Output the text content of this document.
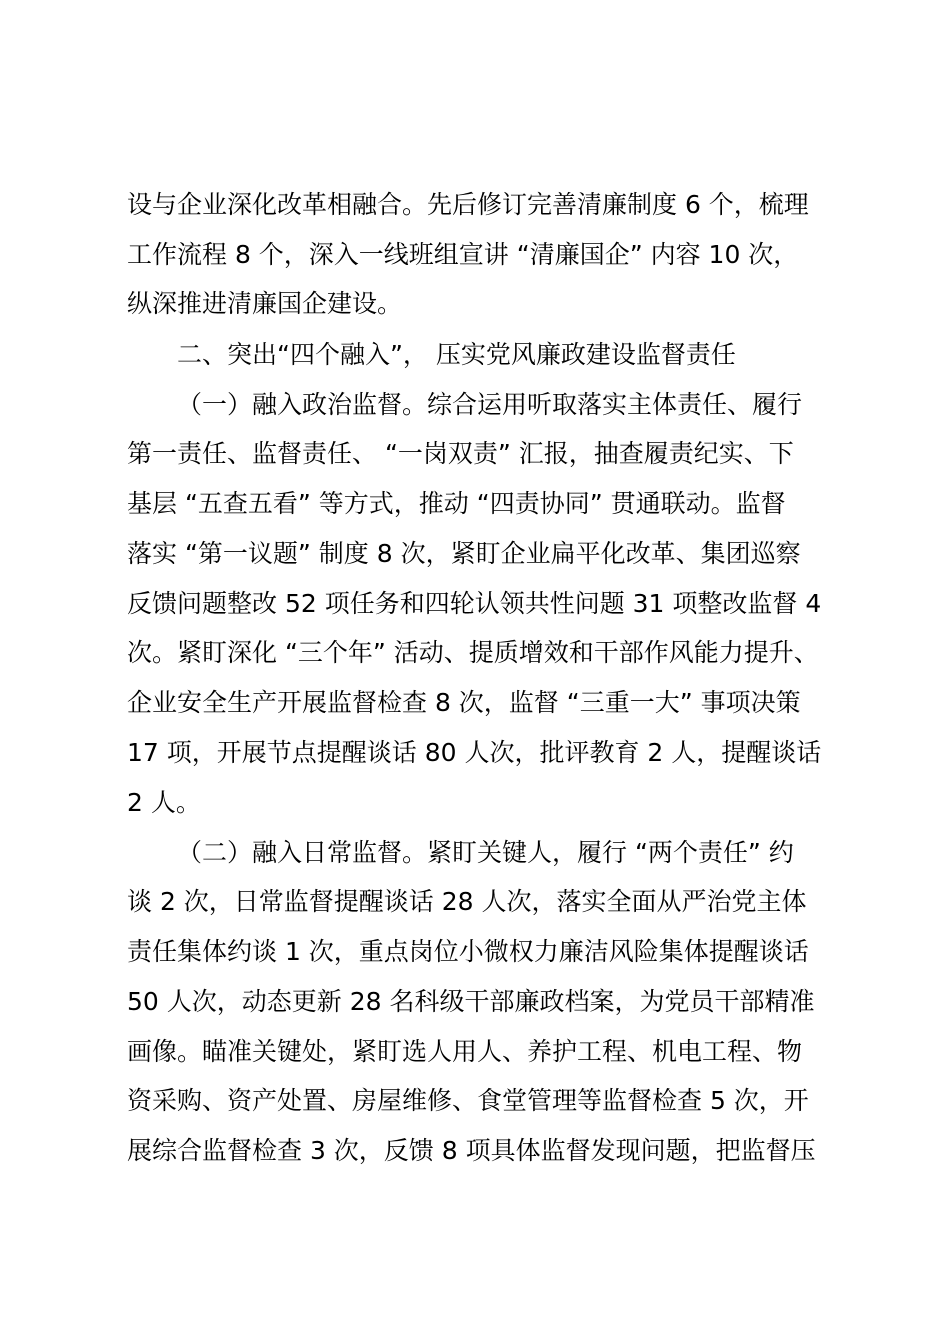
设与企业深化改革相融合。先后修订完善清廉制度 6 个，梳理
工作流程 8 个，深入一线班组宣讲 “清廉国企” 内容 10 次，
纵深推进清廉国企建设。
二、突出“四个融入”， 压实党风廉政建设监督责任
（一）融入政治监督。综合运用听取落实主体责任、履行
第一责任、监督责任、 “一岗双责” 汇报，抽查履责纪实、下
基层 “五查五看” 等方式，推动 “四责协同” 贯通联动。监督
落实 “第一议题” 制度 8 次，紧盯企业扁平化改革、集团巡察
反馈问题整改 52 项任务和四轮认领共性问题 31 项整改监督 4
次。紧盯深化 “三个年” 活动、提质增效和干部作风能力提升、
企业安全生产开展监督检查 8 次，监督 “三重一大” 事项决策
17 项，开展节点提醒谈话 80 人次，批评教育 2 人，提醒谈话
2 人。
（二）融入日常监督。紧盯关键人，履行 “两个责任” 约
谈 2 次，日常监督提醒谈话 28 人次，落实全面从严治党主体
责任集体约谈 1 次，重点岗位小微权力廉洁风险集体提醒谈话
50 人次，动态更新 28 名科级干部廉政档案，为党员干部精准
画像。瞄准关键处，紧盯选人用人、养护工程、机电工程、物
资采购、资产处置、房屋维修、食堂管理等监督检查 5 次，开
展综合监督检查 3 次，反馈 8 项具体监督发现问题，把监督压
